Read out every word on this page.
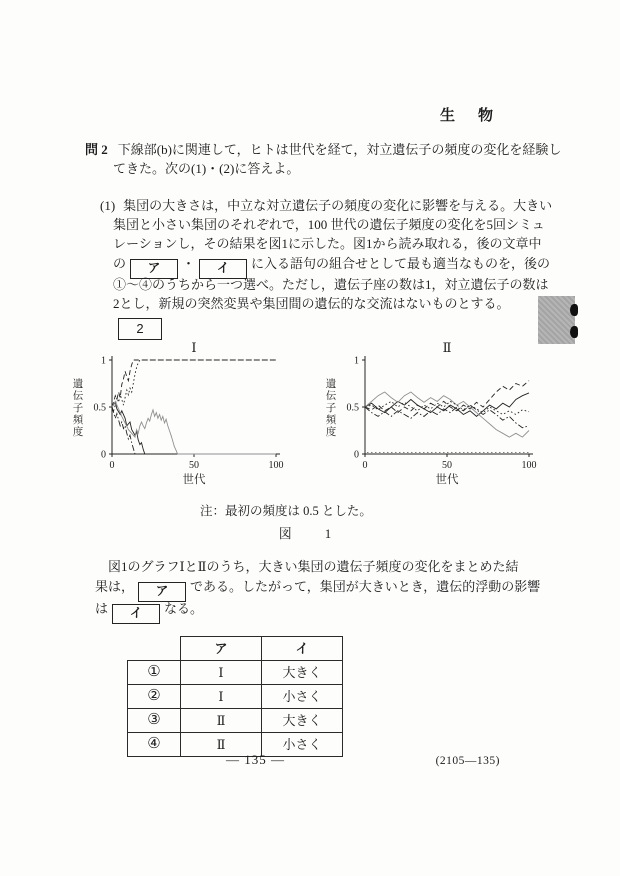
生　物
問 2 下線部(b)に関連して，ヒトは世代を経て，対立遺伝子の頻度の変化を経験し
てきた。次の(1)・(2)に答えよ。
(1) 集団の大きさは，中立な対立遺伝子の頻度の変化に影響を与える。大きい
集団と小さい集団のそれぞれで，100 世代の遺伝子頻度の変化を5回シミュ
レーションし，その結果を図1に示した。図1から読み取れる，後の文章中
の ア ・ イ に入る語句の組合せとして最も適当なものを，後の
①～④のうちから一つ選べ。ただし，遺伝子座の数は1，対立遺伝子の数は
2とし，新規の突然変異や集団間の遺伝的な交流はないものとする。
2
Ⅰ
0
0.5
1
0	50	100
世代
遺伝子頻度
Ⅱ
0
0.5
1
0	50	100
世代
遺伝子頻度
注：最初の頻度は 0.5 とした。
図　1
図1のグラフⅠとⅡのうち，大きい集団の遺伝子頻度の変化をまとめた結
果は， ア である。したがって，集団が大きいとき，遺伝的浮動の影響
は イ なる。
	ア	イ
①	Ⅰ	大きく
②	Ⅰ	小さく
③	Ⅱ	大きく
④	Ⅱ	小さく
— 135 —	(2105—135)
